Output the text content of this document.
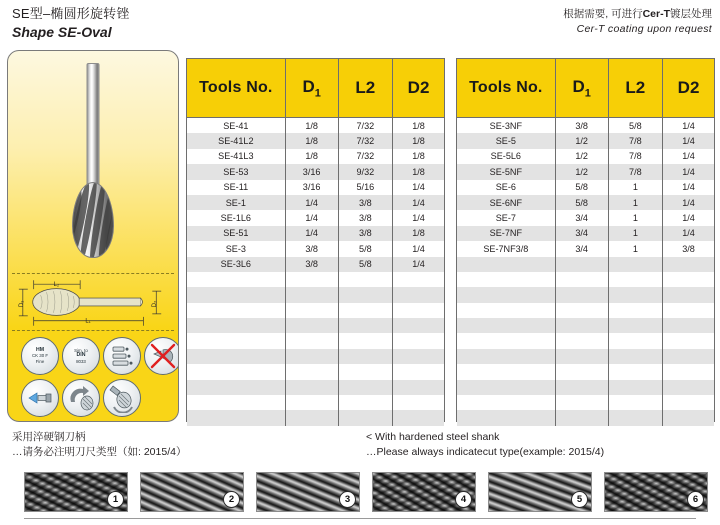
SE型–椭圆形旋转锉
Shape SE-Oval
根据需要, 可进行Cer-T镀层处理
Cer-T coating upon request
L₂
L₁
D₁	D₂
HM
CK 30 F
Fine
Sim. to
DIN
8033
Tools No.	$D_1$	L2	D2
SE-41	1/8	7/32	1/8
SE-41L2	1/8	7/32	1/8
SE-41L3	1/8	7/32	1/8
SE-53	3/16	9/32	1/8
SE-11	3/16	5/16	1/4
SE-1	1/4	3/8	1/4
SE-1L6	1/4	3/8	1/4
SE-51	1/4	3/8	1/8
SE-3	3/8	5/8	1/4
SE-3L6	3/8	5/8	1/4

Tools No.	$D_1$	L2	D2
SE-3NF	3/8	5/8	1/4
SE-5	1/2	7/8	1/4
SE-5L6	1/2	7/8	1/4
SE-5NF	1/2	7/8	1/4
SE-6	5/8	1	1/4
SE-6NF	5/8	1	1/4
SE-7	3/4	1	1/4
SE-7NF	3/4	1	1/4
SE-7NF3/8	3/4	1	3/8

采用淬硬钢刀柄
…请务必注明刀尺类型（如: 2015/4）
< With hardened steel shank
…Please always indicatecut type(example: 2015/4)
1	2	3	4	5	6
